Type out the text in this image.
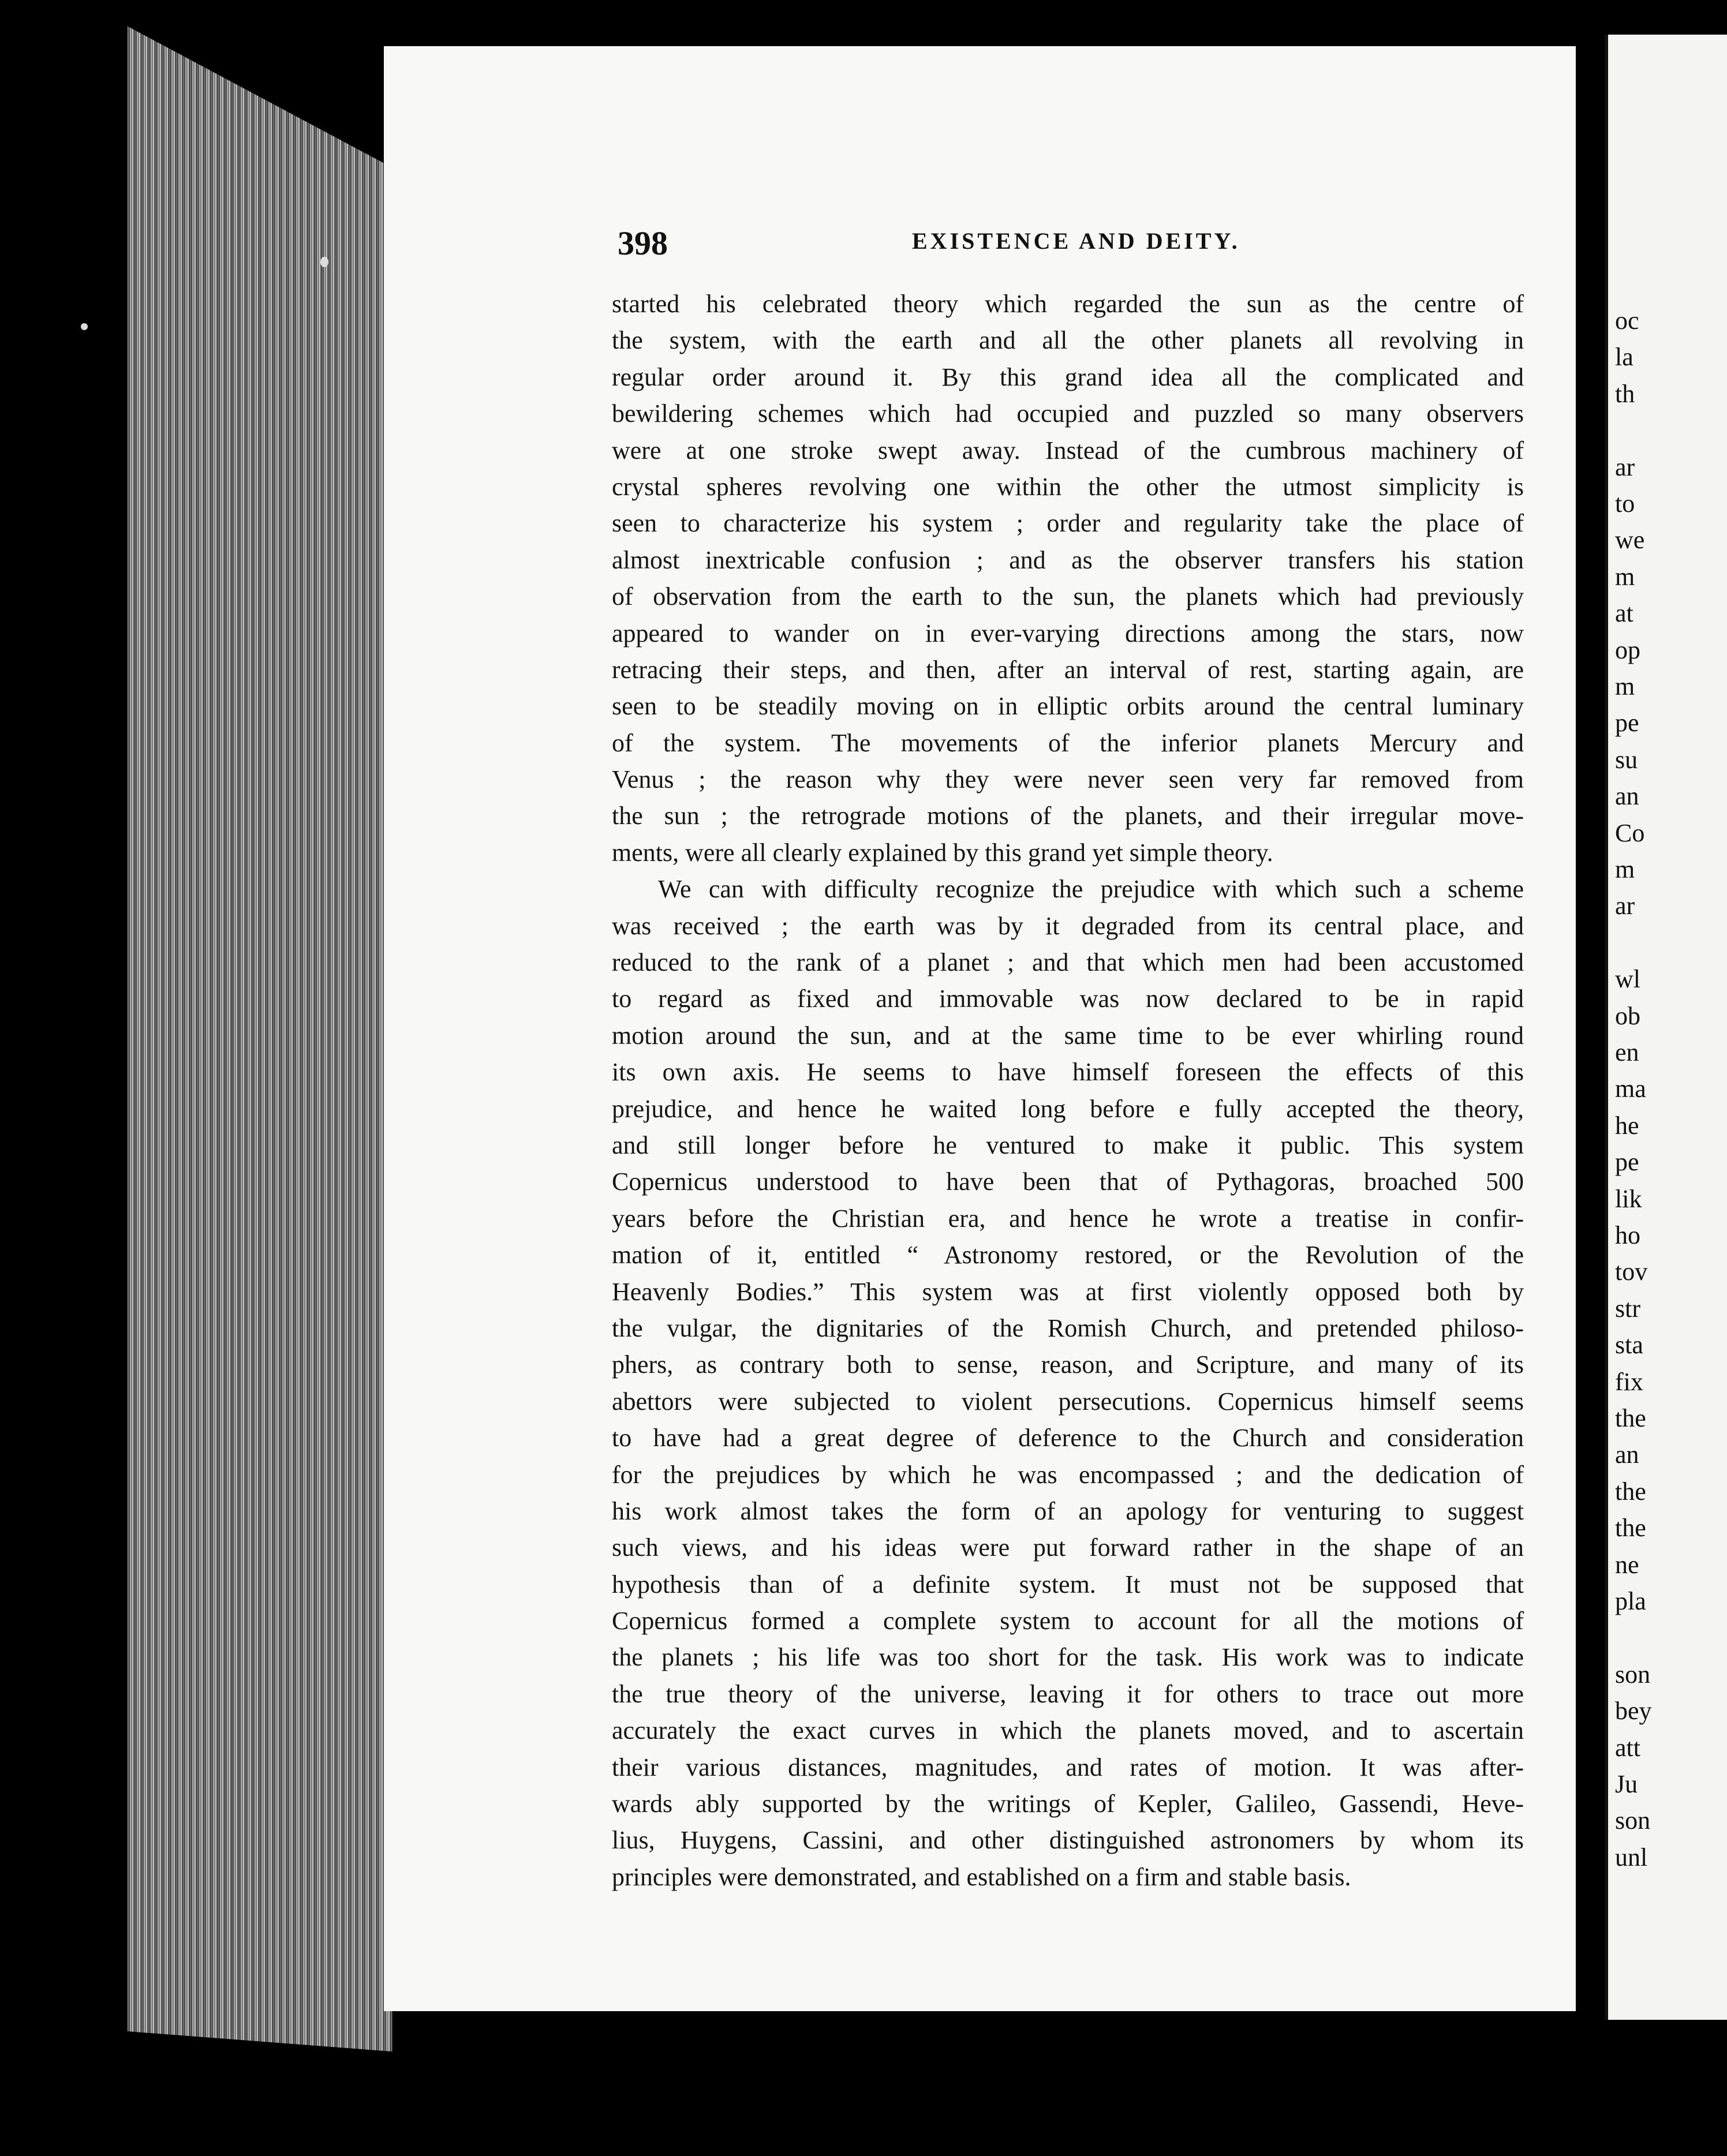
oc
la
th
ar
to
we
m
at
op
m
pe
su
an
Co
m
ar
wl
ob
en
ma
he
pe
lik
ho
tov
str
sta
fix
the
an
the
the
ne
pla
son
bey
att
Ju
son
unl
398	EXISTENCE AND DEITY.
started his celebrated theory which regarded the sun as the centre of
the system, with the earth and all the other planets all revolving in
regular order around it. By this grand idea all the complicated and
bewildering schemes which had occupied and puzzled so many observers
were at one stroke swept away. Instead of the cumbrous machinery of
crystal spheres revolving one within the other the utmost simplicity is
seen to characterize his system ; order and regularity take the place of
almost inextricable confusion ; and as the observer transfers his station
of observation from the earth to the sun, the planets which had previously
appeared to wander on in ever-varying directions among the stars, now
retracing their steps, and then, after an interval of rest, starting again, are
seen to be steadily moving on in elliptic orbits around the central luminary
of the system. The movements of the inferior planets Mercury and
Venus ; the reason why they were never seen very far removed from
the sun ; the retrograde motions of the planets, and their irregular move-
ments, were all clearly explained by this grand yet simple theory.
We can with difficulty recognize the prejudice with which such a scheme
was received ; the earth was by it degraded from its central place, and
reduced to the rank of a planet ; and that which men had been accustomed
to regard as fixed and immovable was now declared to be in rapid
motion around the sun, and at the same time to be ever whirling round
its own axis. He seems to have himself foreseen the effects of this
prejudice, and hence he waited long before e fully accepted the theory,
and still longer before he ventured to make it public. This system
Copernicus understood to have been that of Pythagoras, broached 500
years before the Christian era, and hence he wrote a treatise in confir-
mation of it, entitled “ Astronomy restored, or the Revolution of the
Heavenly Bodies.” This system was at first violently opposed both by
the vulgar, the dignitaries of the Romish Church, and pretended philoso-
phers, as contrary both to sense, reason, and Scripture, and many of its
abettors were subjected to violent persecutions. Copernicus himself seems
to have had a great degree of deference to the Church and consideration
for the prejudices by which he was encompassed ; and the dedication of
his work almost takes the form of an apology for venturing to suggest
such views, and his ideas were put forward rather in the shape of an
hypothesis than of a definite system. It must not be supposed that
Copernicus formed a complete system to account for all the motions of
the planets ; his life was too short for the task. His work was to indicate
the true theory of the universe, leaving it for others to trace out more
accurately the exact curves in which the planets moved, and to ascertain
their various distances, magnitudes, and rates of motion. It was after-
wards ably supported by the writings of Kepler, Galileo, Gassendi, Heve-
lius, Huygens, Cassini, and other distinguished astronomers by whom its
principles were demonstrated, and established on a firm and stable basis.
